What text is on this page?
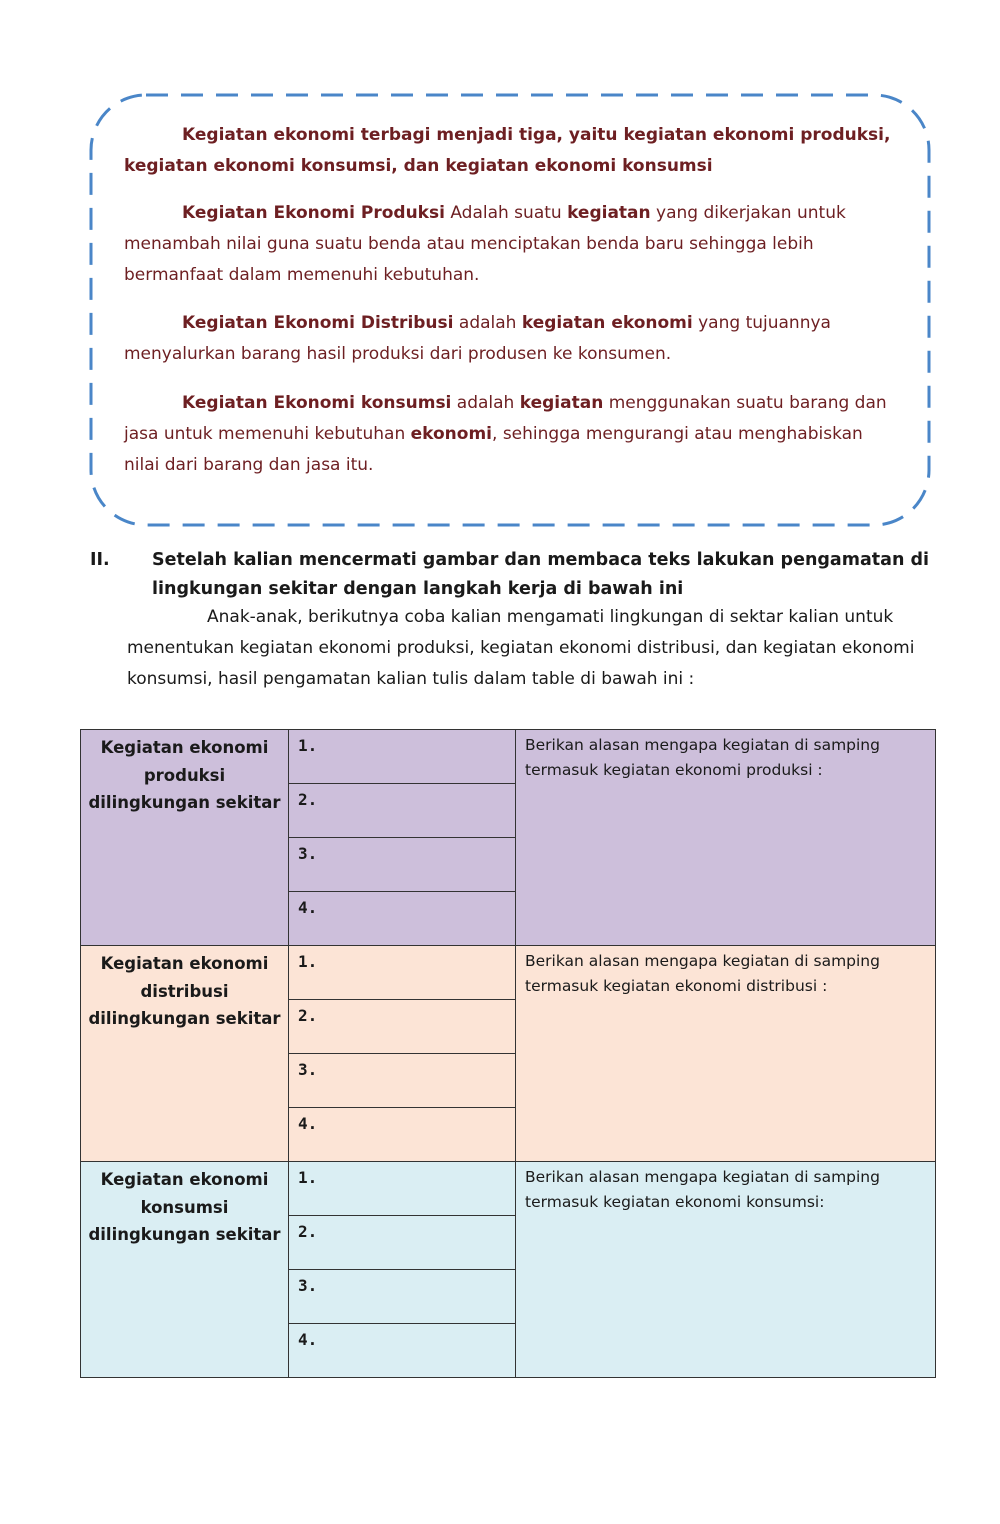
Kegiatan ekonomi terbagi menjadi tiga, yaitu kegiatan ekonomi produksi, kegiatan ekonomi konsumsi, dan kegiatan ekonomi konsumsi

Kegiatan Ekonomi Produksi Adalah suatu kegiatan yang dikerjakan untuk menambah nilai guna suatu benda atau menciptakan benda baru sehingga lebih bermanfaat dalam memenuhi kebutuhan.

Kegiatan Ekonomi Distribusi adalah kegiatan ekonomi yang tujuannya menyalurkan barang hasil produksi dari produsen ke konsumen.

Kegiatan Ekonomi konsumsi adalah kegiatan menggunakan suatu barang dan jasa untuk memenuhi kebutuhan ekonomi, sehingga mengurangi atau menghabiskan nilai dari barang dan jasa itu.

II. Setelah kalian mencermati gambar dan membaca teks lakukan pengamatan di lingkungan sekitar dengan langkah kerja di bawah ini
Anak-anak, berikutnya coba kalian mengamati lingkungan di sektar kalian untuk menentukan kegiatan ekonomi produksi, kegiatan ekonomi distribusi, dan kegiatan ekonomi konsumsi, hasil pengamatan kalian tulis dalam table di bawah ini :
Kegiatan ekonomi produksi dilingkungan sekitar	1.	Berikan alasan mengapa kegiatan di samping termasuk kegiatan ekonomi produksi :
	2.	
	3.	
	4.	
Kegiatan ekonomi distribusi dilingkungan sekitar	1.	Berikan alasan mengapa kegiatan di samping termasuk kegiatan ekonomi distribusi :
	2.	
	3.	
	4.	
Kegiatan ekonomi konsumsi dilingkungan sekitar	1.	Berikan alasan mengapa kegiatan di samping termasuk kegiatan ekonomi konsumsi:
	2.	
	3.	
	4.	
